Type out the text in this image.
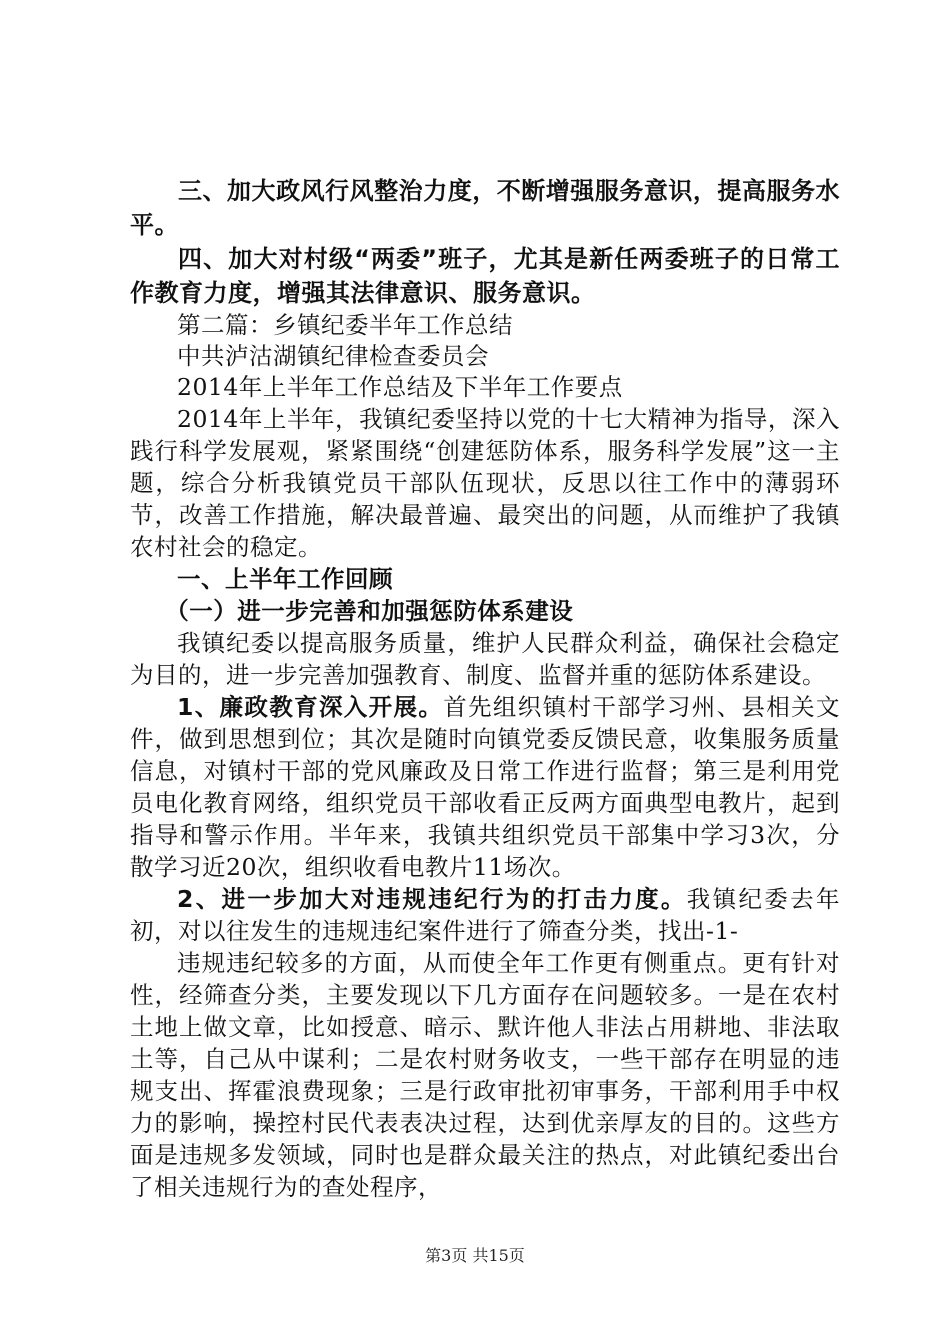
三、加大政风行风整治力度，不断增强服务意识，提高服务水平。

四、加大对村级“两委”班子，尤其是新任两委班子的日常工作教育力度，增强其法律意识、服务意识。

第二篇：乡镇纪委半年工作总结

中共泸沽湖镇纪律检查委员会

2014年上半年工作总结及下半年工作要点

2014年上半年，我镇纪委坚持以党的十七大精神为指导，深入践行科学发展观，紧紧围绕“创建惩防体系，服务科学发展”这一主题，综合分析我镇党员干部队伍现状，反思以往工作中的薄弱环节，改善工作措施，解决最普遍、最突出的问题，从而维护了我镇农村社会的稳定。

一、上半年工作回顾

（一）进一步完善和加强惩防体系建设

我镇纪委以提高服务质量，维护人民群众利益，确保社会稳定为目的，进一步完善加强教育、制度、监督并重的惩防体系建设。

1、廉政教育深入开展。首先组织镇村干部学习州、县相关文件，做到思想到位；其次是随时向镇党委反馈民意，收集服务质量信息，对镇村干部的党风廉政及日常工作进行监督；第三是利用党员电化教育网络，组织党员干部收看正反两方面典型电教片，起到指导和警示作用。半年来，我镇共组织党员干部集中学习3次，分散学习近20次，组织收看电教片11场次。

2、进一步加大对违规违纪行为的打击力度。我镇纪委去年初，对以往发生的违规违纪案件进行了筛查分类，找出-1-

违规违纪较多的方面，从而使全年工作更有侧重点。更有针对性，经筛查分类，主要发现以下几方面存在问题较多。一是在农村土地上做文章，比如授意、暗示、默许他人非法占用耕地、非法取土等，自己从中谋利；二是农村财务收支，一些干部存在明显的违规支出、挥霍浪费现象；三是行政审批初审事务，干部利用手中权力的影响，操控村民代表表决过程，达到优亲厚友的目的。这些方面是违规多发领域，同时也是群众最关注的热点，对此镇纪委出台了相关违规行为的查处程序，

第3页 共15页
